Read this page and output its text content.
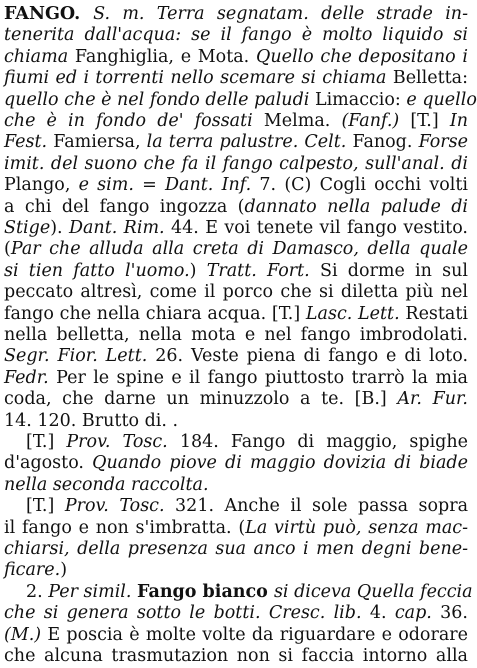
FANGO. S. m. Terra segnatam. delle strade in-
tenerita dall'acqua: se il fango è molto liquido si
chiama Fanghiglia, e Mota. Quello che depositano i
fiumi ed i torrenti nello scemare si chiama Belletta:
quello che è nel fondo delle paludi Limaccio: e quello
che è in fondo de' fossati Melma. (Fanf.) [T.] In
Fest. Famiersa, la terra palustre. Celt. Fanog. Forse
imit. del suono che fa il fango calpesto, sull'anal. di
Plango, e sim. = Dant. Inf. 7. (C) Cogli occhi volti
a chi del fango ingozza (dannato nella palude di
Stige). Dant. Rim. 44. E voi tenete vil fango vestito.
(Par che alluda alla creta di Damasco, della quale
si tien fatto l'uomo.) Tratt. Fort. Si dorme in sul
peccato altresì, come il porco che si diletta più nel
fango che nella chiara acqua. [T.] Lasc. Lett. Restati
nella belletta, nella mota e nel fango imbrodolati.
Segr. Fior. Lett. 26. Veste piena di fango e di loto.
Fedr. Per le spine e il fango piuttosto trarrò la mia
coda, che darne un minuzzolo a te. [B.] Ar. Fur.
14. 120. Brutto di. .
[T.] Prov. Tosc. 184. Fango di maggio, spighe
d'agosto. Quando piove di maggio dovizia di biade
nella seconda raccolta.
[T.] Prov. Tosc. 321. Anche il sole passa sopra
il fango e non s'imbratta. (La virtù può, senza mac-
chiarsi, della presenza sua anco i men degni bene-
ficare.)
2. Per simil. Fango bianco si diceva Quella feccia
che si genera sotto le botti. Cresc. lib. 4. cap. 36.
(M.) E poscia è molte volte da riguardare e odorare
che alcuna trasmutazion non si faccia intorno alla
